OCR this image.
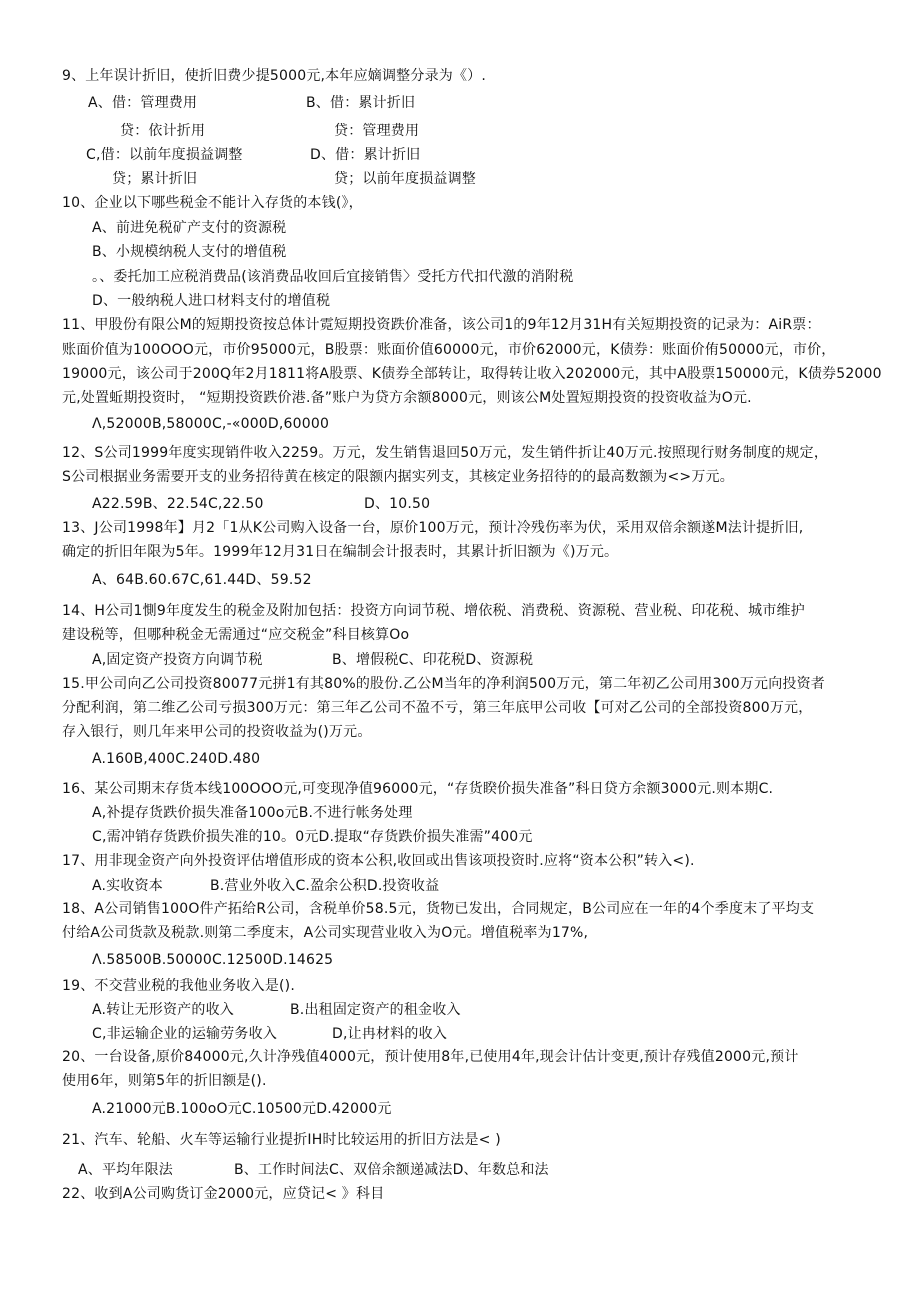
9、上年误计折旧，使折旧费少提5000元,本年应嫡调整分录为《）.
A、借：管理费用	B、借：累计折旧
贷：依计折用	贷：管理费用
C,借：以前年度损益调整	D、借：累计折旧
贷；累计折旧	贷；以前年度损益调整
10、企业以下哪些税金不能计入存货的本钱(》，
A、前进免税矿产支付的资源税
B、小规模纳税人支付的增值税
。、委托加工应税消费品(该消费品收回后宜接销售〉受托方代扣代激的消附税
D、一般纳税人进口材料支付的增值税
11、甲股份有限公M的短期投资按总体计霓短期投资跌价准备，该公司1的9年12月31H有关短期投资的记录为：AiR票：
账面价值为100OOO元，市价95000元，B股票：账面价值60000元，市价62000元，K债券：账面价侑50000元，市价，
19000元，该公司于200Q年2月1811将A股票、K债券全部转让，取得转让收入202000元，其中A股票150000元，K债券52000
元,处置蚯期投资时， “短期投资跌价港.备”账户为贷方余额8000元，则该公M处置短期投资的投资收益为O元.
Λ,52000B,58000C,-«000D,60000
12、S公司1999年度实现销件收入2259。万元，发生销售退回50万元，发生销件折让40万元.按照现行财务制度的规定，
S公司根据业务需要开支的业务招待黄在核定的限额内据实列支，其核定业务招待的的最高数额为<>万元。
A22.59B、22.54C,22.50	D、10.50
13、J公司1998年】月2「1从K公司购入设备一台，原价100万元，预计冷残伤率为伏，采用双倍余额遂M法计提折旧,
确定的折旧年限为5年。1999年12月31日在编制会计报表时，其累计折旧额为《)万元。
A、64B.60.67C,61.44D、59.52
14、H公司1惻9年度发生的税金及附加包括：投资方向词节税、增依税、消费税、资源税、营业税、印花税、城市维护
建设税等，但哪种税金无需通过“应交税金”科目核算Oo
A,固定资产投资方向调节税	B、增假税C、印花税D、资源税
15.甲公司向乙公司投资80077元拼1有其80%的股份.乙公M当年的净利润500万元，第二年初乙公司用300万元向投资者
分配利润，第二维乙公司亏损300万元：第三年乙公司不盈不亏，第三年底甲公司收【可对乙公司的全部投资800万元，
存入银行，则几年来甲公司的投资收益为()万元。
A.160B,400C.240D.480
16、某公司期末存货本线100OOO元,可变现净值96000元，“存货睽价损失准备”科日贷方余额3000元.则本期C.
A,补提存货跌价损失准备100o元B.不进行帐务处理
C,需冲销存货跌价损失准的10。0元D.提取“存货跌价损失准需”400元
17、用非现金资产向外投资评估增值形成的资本公积,收回或出售该项投资时.应将“资本公积”转入<).
A.实收资本	B.营业外收入C.盈余公积D.投资收益
18、A公司销售100O件产拓给R公司，含税单价58.5元，货物已发出，合同规定，B公司应在一年的4个季度末了平均支
付给A公司货款及税款.则第二季度末，A公司实现营业收入为O元。增值税率为17%,
Λ.58500B.50000C.12500D.14625
19、不交营业税的我他业务收入是().
A.转让无形资产的收入	B.出租固定资产的租金收入
C,非运输企业的运输劳务收入	D,让冉材料的收入
20、一台设备,原价84000元,久计净残值4000元，预计使用8年,已使用4年,现会计估计变更,预计存残值2000元,预计
使用6年，则第5年的折旧额是().
A.21000元B.100oO元C.10500元D.42000元
21、汽车、轮船、火车等运输行业提折IH时比较运用的折旧方法是< )
A、平均年限法	B、工作时间法C、双倍余额递减法D、年数总和法
22、收到A公司购货订金2000元，应贷记< 》科目
